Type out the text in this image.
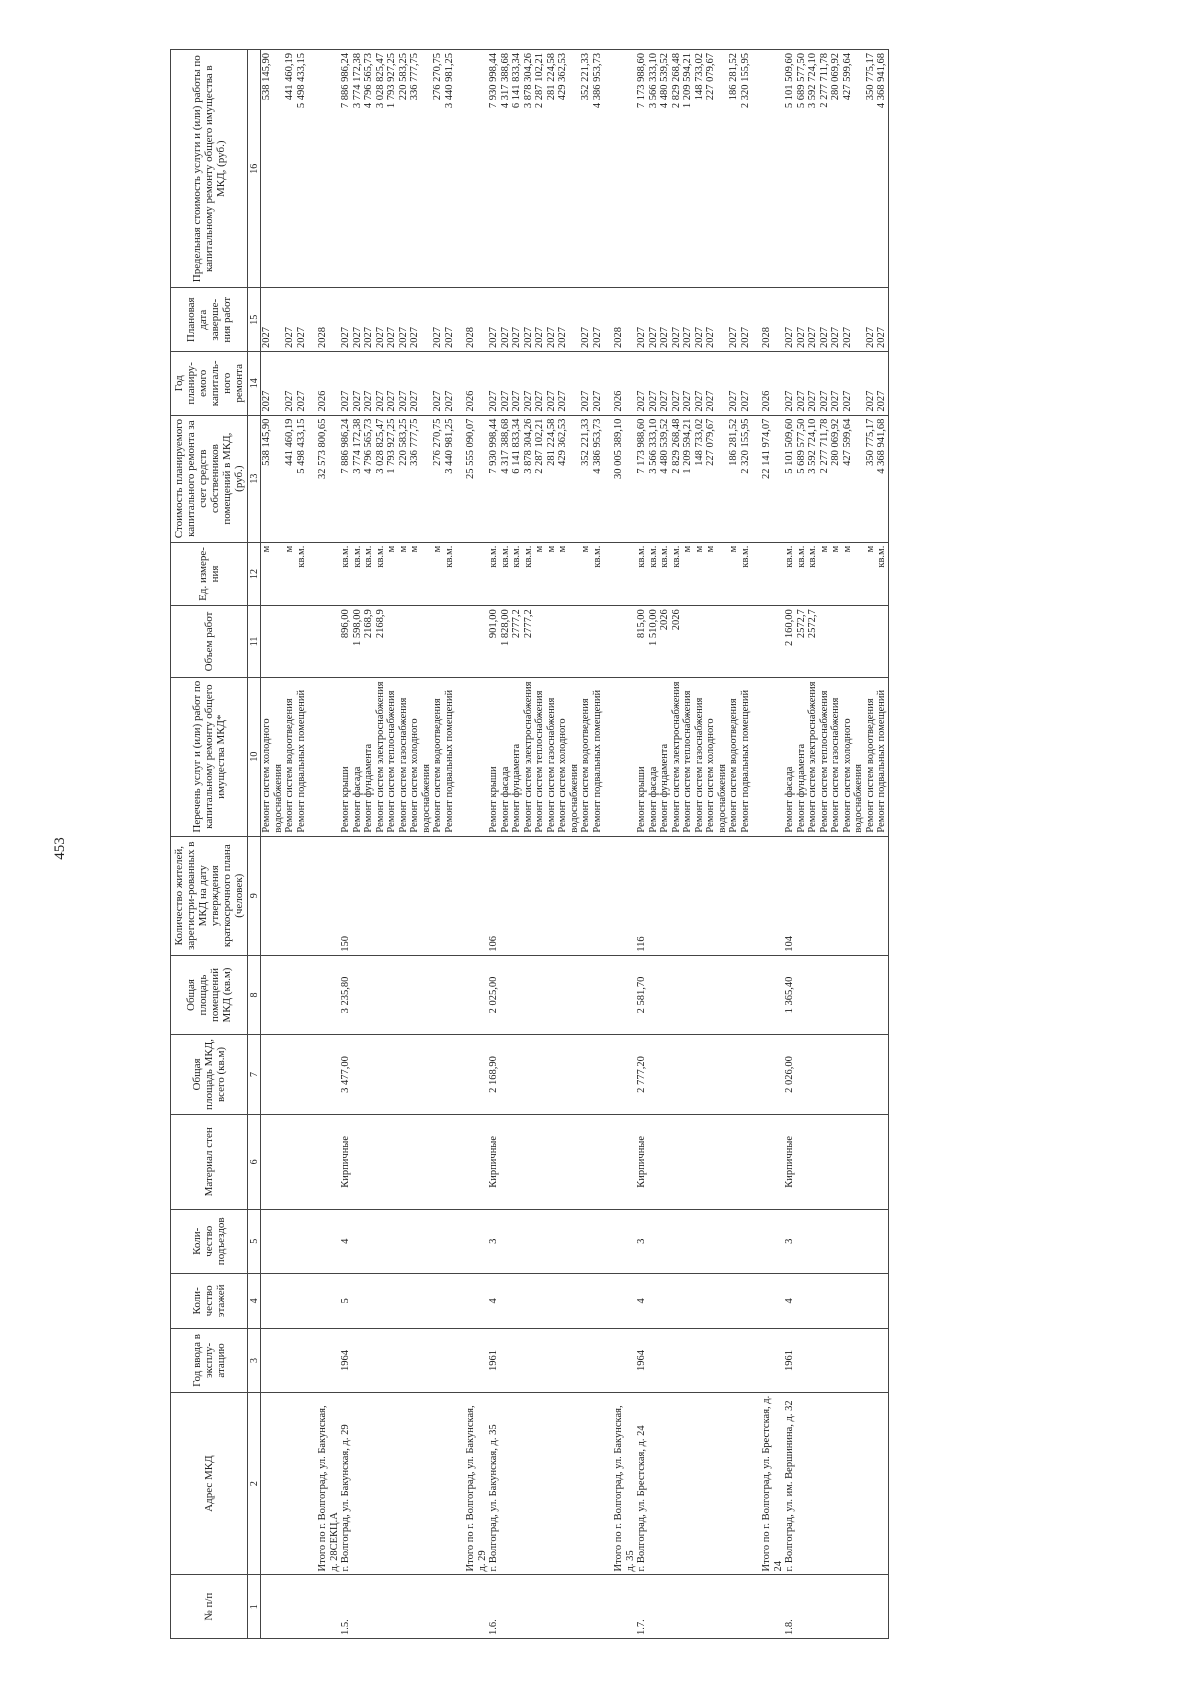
453
№ п/п	Адрес МКД	Год ввода в эксплу-атацию	Коли-чество этажей	Коли-чество подъездов	Материал стен	Общая площадь МКД, всего (кв.м)	Общая площадь помещений МКД (кв.м)	Количество жителей, зарегистри-рованных в МКД на дату утверждения краткосрочного плана (человек)	Перечень услуг и (или) работ по капитальному ремонту общего имущества МКД*	Объем работ	Ед. измере-ния	Стоимость планируемого капитального ремонта за счет средств собственников помещений в МКД, (руб.)	Год планиру-емого капиталь-ного ремонта	Плановая дата заверше-ния работ	Предельная стоимость услуги и (или) работы по капитальному ремонту общего имущества в МКД, (руб.)
1	2	3	4	5	6	7	8	9	10	11	12	13	14	15	16
									Ремонт систем холодного водоснабжения		м	538 145,90	2027	2027	538 145,90
									Ремонт систем водоотведения		м	441 460,19	2027	2027	441 460,19
									Ремонт подвальных помещений		кв.м.	5 498 433,15	2027	2027	5 498 433,15

	Итого по г. Волгоград, ул. Бакунская, д. 28СЕКЦ.А											32 573 800,65	2026	2028	
1.5.	г. Волгоград, ул. Бакунская, д. 29	1964	5	4	Кирпичные	3 477,00	3 235,80	150	Ремонт крыши	896,00	кв.м.	7 886 986,24	2027	2027	7 886 986,24
									Ремонт фасада	1 598,00	кв.м.	3 774 172,38	2027	2027	3 774 172,38
									Ремонт фундамента	2168,9	кв.м.	4 796 565,73	2027	2027	4 796 565,73
									Ремонт систем электроснабжения	2168,9	кв.м.	3 028 825,47	2027	2027	3 028 825,47
									Ремонт систем теплоснабжения		м	1 793 927,25	2027	2027	1 793 927,25
									Ремонт систем газоснабжения		м	220 583,25	2027	2027	220 583,25
									Ремонт систем холодного водоснабжения		м	336 777,75	2027	2027	336 777,75
									Ремонт систем водоотведения		м	276 270,75	2027	2027	276 270,75
									Ремонт подвальных помещений		кв.м.	3 440 981,25	2027	2027	3 440 981,25

	Итого по г. Волгоград, ул. Бакунская, д. 29											25 555 090,07	2026	2028	
1.6.	г. Волгоград, ул. Бакунская, д. 35	1961	4	3	Кирпичные	2 168,90	2 025,00	106	Ремонт крыши	901,00	кв.м.	7 930 998,44	2027	2027	7 930 998,44
									Ремонт фасада	1 828,00	кв.м.	4 317 388,68	2027	2027	4 317 388,68
									Ремонт фундамента	2777,2	кв.м.	6 141 833,34	2027	2027	6 141 833,34
									Ремонт систем электроснабжения	2777,2	кв.м.	3 878 304,26	2027	2027	3 878 304,26
									Ремонт систем теплоснабжения		м	2 287 102,21	2027	2027	2 287 102,21
									Ремонт систем газоснабжения		м	281 224,58	2027	2027	281 224,58
									Ремонт систем холодного водоснабжения		м	429 362,53	2027	2027	429 362,53
									Ремонт систем водоотведения		м	352 221,33	2027	2027	352 221,33
									Ремонт подвальных помещений		кв.м.	4 386 953,73	2027	2027	4 386 953,73

	Итого по г. Волгоград, ул. Бакунская, д. 35											30 005 389,10	2026	2028	
1.7.	г. Волгоград, ул. Брестская, д. 24	1964	4	3	Кирпичные	2 777,20	2 581,70	116	Ремонт крыши	815,00	кв.м.	7 173 988,60	2027	2027	7 173 988,60
									Ремонт фасада	1 510,00	кв.м.	3 566 333,10	2027	2027	3 566 333,10
									Ремонт фундамента	2026	кв.м.	4 480 539,52	2027	2027	4 480 539,52
									Ремонт систем электроснабжения	2026	кв.м.	2 829 268,48	2027	2027	2 829 268,48
									Ремонт систем теплоснабжения		м	1 209 594,21	2027	2027	1 209 594,21
									Ремонт систем газоснабжения		м	148 733,02	2027	2027	148 733,02
									Ремонт систем холодного водоснабжения		м	227 079,67	2027	2027	227 079,67
									Ремонт систем водоотведения		м	186 281,52	2027	2027	186 281,52
									Ремонт подвальных помещений		кв.м.	2 320 155,95	2027	2027	2 320 155,95

	Итого по г. Волгоград, ул. Брестская, д. 24											22 141 974,07	2026	2028	
1.8.	г. Волгоград, ул. им. Вершинина, д. 32	1961	4	3	Кирпичные	2 026,00	1 365,40	104	Ремонт фасада	2 160,00	кв.м.	5 101 509,60	2027	2027	5 101 509,60
									Ремонт фундамента	2572,7	кв.м.	5 689 577,50	2027	2027	5 689 577,50
									Ремонт систем электроснабжения	2572,7	кв.м.	3 592 724,10	2027	2027	3 592 724,10
									Ремонт систем теплоснабжения		м	2 277 711,78	2027	2027	2 277 711,78
									Ремонт систем газоснабжения		м	280 069,92	2027	2027	280 069,92
									Ремонт систем холодного водоснабжения		м	427 599,64	2027	2027	427 599,64
									Ремонт систем водоотведения		м	350 775,17	2027	2027	350 775,17
									Ремонт подвальных помещений		кв.м.	4 368 941,68	2027	2027	4 368 941,68
